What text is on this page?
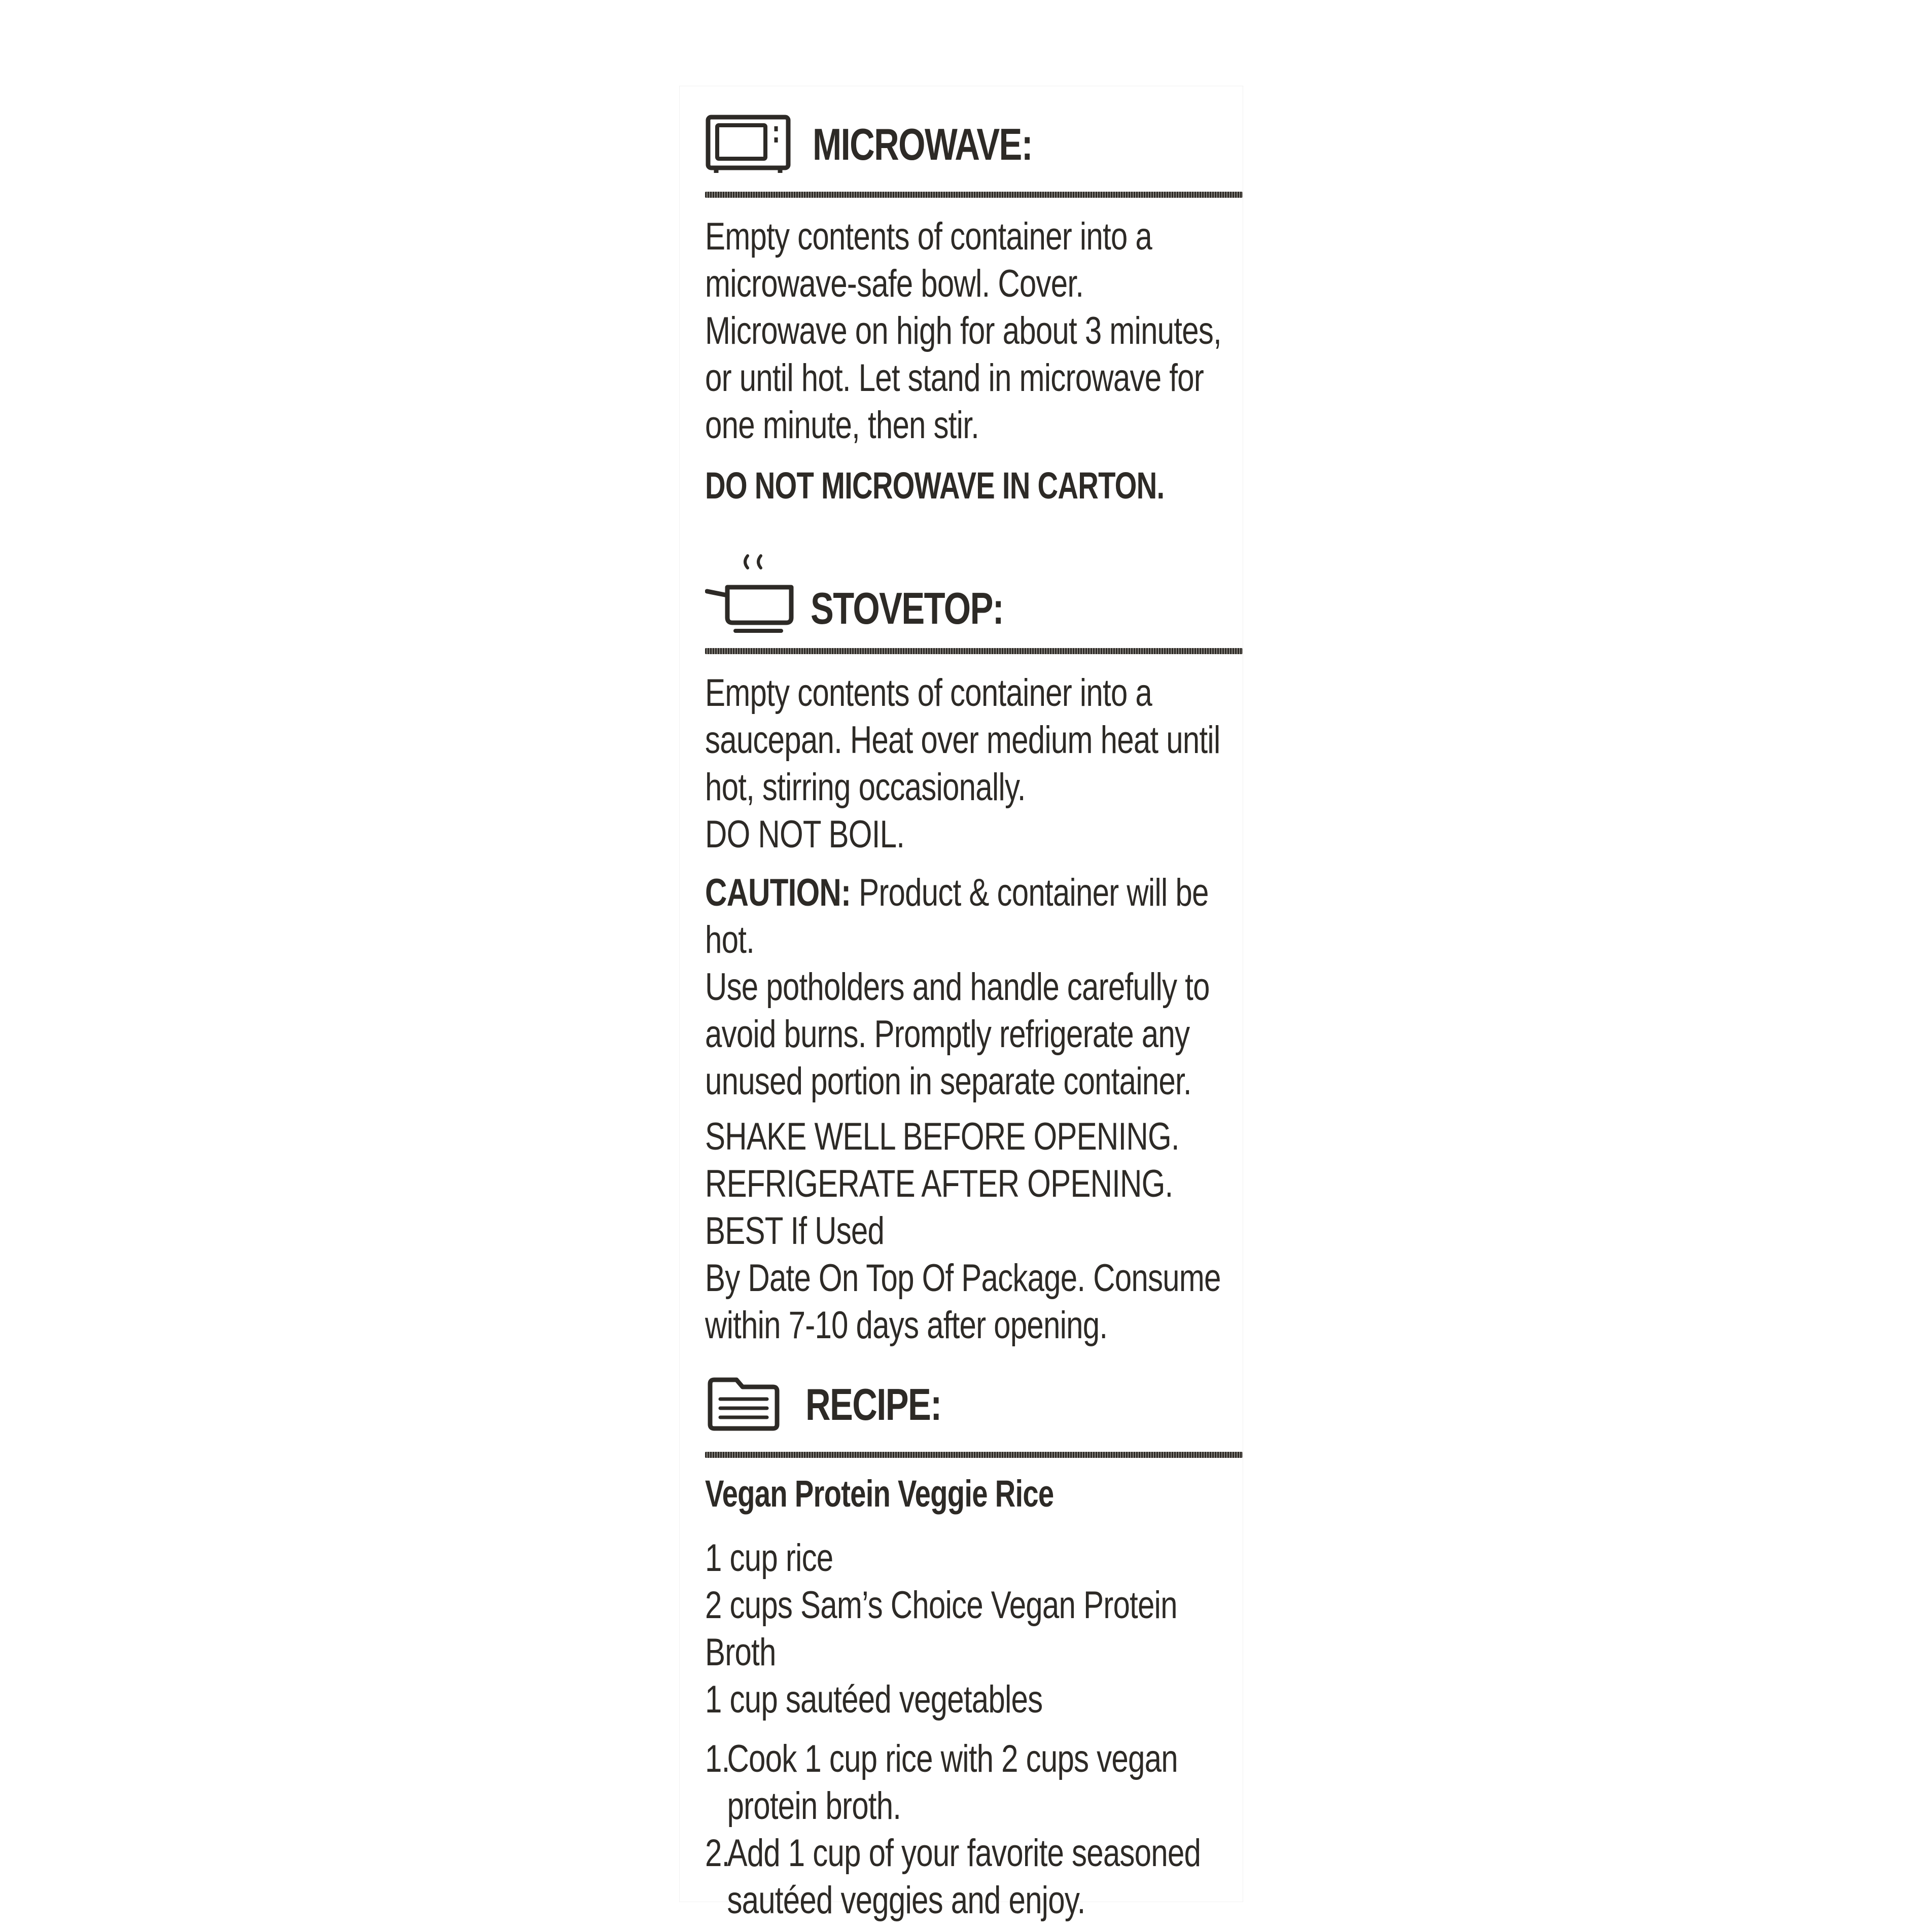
MICROWAVE:
Empty contents of container into a
microwave-safe bowl. Cover.
Microwave on high for about 3 minutes,
or until hot. Let stand in microwave for
one minute, then stir.
DO NOT MICROWAVE IN CARTON.
STOVETOP:
Empty contents of container into a
saucepan. Heat over medium heat until
hot, stirring occasionally.
DO NOT BOIL.
CAUTION: Product & container will be hot.
Use potholders and handle carefully to
avoid burns. Promptly refrigerate any
unused portion in separate container.
SHAKE WELL BEFORE OPENING.
REFRIGERATE AFTER OPENING. BEST If Used
By Date On Top Of Package. Consume
within 7-10 days after opening.
RECIPE:
Vegan Protein Veggie Rice
1 cup rice
2 cups Sam’s Choice Vegan Protein Broth
1 cup sautéed vegetables
1.
Cook 1 cup rice with 2 cups vegan
protein broth.
2.
Add 1 cup of your favorite seasoned
sautéed veggies and enjoy.
